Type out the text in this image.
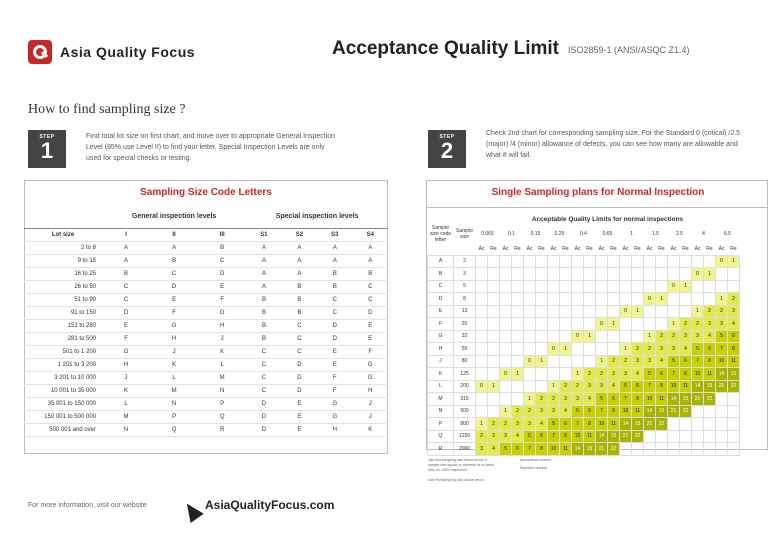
Asia Quality Focus	Acceptance Quality Limit ISO2859-1 (ANSI/ASQC Z1.4)
How to find sampling size ?
STEP
1
Find total lot size on first chart, and move over to appropriate General Inspection Level (95% use Level II) to find your letter. Special Inspection Levels are only used for special checks or testing.
STEP
2
Check 2nd chart for corresponding sampling size. For the Standard 0 (critical) /2.5 (major) /4 (minor) allowance of defects, you can see how many are allowable and what # will fail.
Sampling Size Code Letters
	General inspection levels			Special inspection levels			
Lot size	I	II	III	S1	S2	S3	S4
2 to 8	A	A	B	A	A	A	A
9 to 15	A	B	C	A	A	A	A
16 to 25	B	C	D	A	A	B	B
26 to 50	C	D	E	A	B	B	C
51 to 90	C	E	F	B	B	C	C
91 to 150	D	F	G	B	B	C	D
151 to 280	E	G	H	B	C	D	E
281 to 500	F	H	J	B	C	D	E
501 to 1 200	G	J	K	C	C	E	F
1 201 to 3 200	H	K	L	C	D	E	G
3 201 to 10 000	J	L	M	C	D	F	G
10 001 to 35 000	K	M	N	C	D	F	H
35 001 to 150 000	L	N	P	D	E	G	J
150 001 to 500 000	M	P	Q	D	E	G	J
500 001 and over	N	Q	R	D	E	H	K
Single Sampling plans for Normal Inspection
		Acceptable Quality Limits for normal inspections																					
Sample size code letter	Sample size	0.065		0.1		0.15		0.25		0.4		0.65		1		1.5		2.5		4		6.5	
		Ac	Re	Ac	Re	Ac	Re	Ac	Re	Ac	Re	Ac	Re	Ac	Re	Ac	Re	Ac	Re	Ac	Re	Ac	Re
A	2																					0	1
B	3																			0	1		
C	5																	0	1				
D	8															0	1					1	2
E	13													0	1					1	2	2	3
F	20											0	1					1	2	2	3	3	4
G	32									0	1					1	2	2	3	3	4	5	6
H	50							0	1					1	2	2	3	3	4	5	6	7	8
J	80					0	1					1	2	2	3	3	4	5	6	7	8	10	11
K	125			0	1					1	2	2	3	3	4	5	6	7	8	10	11	14	15
L	200	0	1					1	2	2	3	3	4	5	6	7	8	10	11	14	15	21	22
M	315					1	2	2	3	3	4	5	6	7	8	10	11	14	15	21	22		
N	500			1	2	2	3	3	4	5	6	7	8	10	11	14	15	21	22				
P	800	1	2	2	3	3	4	5	6	7	8	10	11	14	15	21	22						
Q	1250	2	3	3	4	5	6	7	8	10	11	14	15	21	22								
R	2000	3	4	5	6	7	8	10	11	14	15	21	22										
Use first sampling plan below arrow. If sample size equals or exceeds lot or batch size, do 100% inspection.
Use first sampling plan above arrow.
Acceptance number
Rejection number
For more information, visit our website	AsiaQualityFocus.com
